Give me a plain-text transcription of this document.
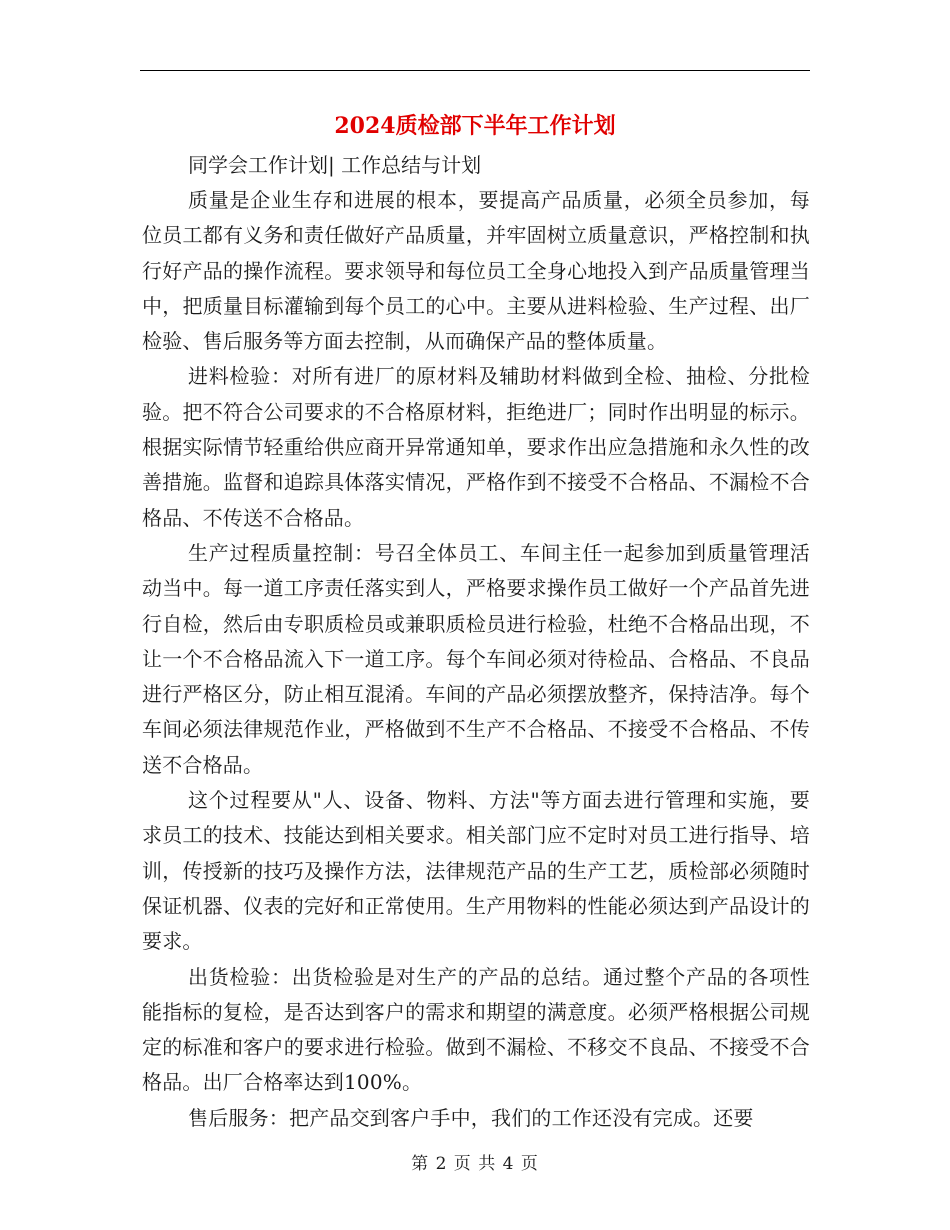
2024质检部下半年工作计划

同学会工作计划| 工作总结与计划

质量是企业生存和进展的根本，要提高产品质量，必须全员参加，每位员工都有义务和责任做好产品质量，并牢固树立质量意识，严格控制和执行好产品的操作流程。要求领导和每位员工全身心地投入到产品质量管理当中，把质量目标灌输到每个员工的心中。主要从进料检验、生产过程、出厂检验、售后服务等方面去控制，从而确保产品的整体质量。

进料检验：对所有进厂的原材料及辅助材料做到全检、抽检、分批检验。把不符合公司要求的不合格原材料，拒绝进厂；同时作出明显的标示。根据实际情节轻重给供应商开异常通知单，要求作出应急措施和永久性的改善措施。监督和追踪具体落实情况，严格作到不接受不合格品、不漏检不合格品、不传送不合格品。

生产过程质量控制：号召全体员工、车间主任一起参加到质量管理活动当中。每一道工序责任落实到人，严格要求操作员工做好一个产品首先进行自检，然后由专职质检员或兼职质检员进行检验，杜绝不合格品出现，不让一个不合格品流入下一道工序。每个车间必须对待检品、合格品、不良品进行严格区分，防止相互混淆。车间的产品必须摆放整齐，保持洁净。每个车间必须法律规范作业，严格做到不生产不合格品、不接受不合格品、不传送不合格品。

这个过程要从"人、设备、物料、方法"等方面去进行管理和实施，要求员工的技术、技能达到相关要求。相关部门应不定时对员工进行指导、培训，传授新的技巧及操作方法，法律规范产品的生产工艺，质检部必须随时保证机器、仪表的完好和正常使用。生产用物料的性能必须达到产品设计的要求。

出货检验：出货检验是对生产的产品的总结。通过整个产品的各项性能指标的复检，是否达到客户的需求和期望的满意度。必须严格根据公司规定的标准和客户的要求进行检验。做到不漏检、不移交不良品、不接受不合格品。出厂合格率达到100%。

售后服务：把产品交到客户手中，我们的工作还没有完成。还要

第 2 页 共 4 页
